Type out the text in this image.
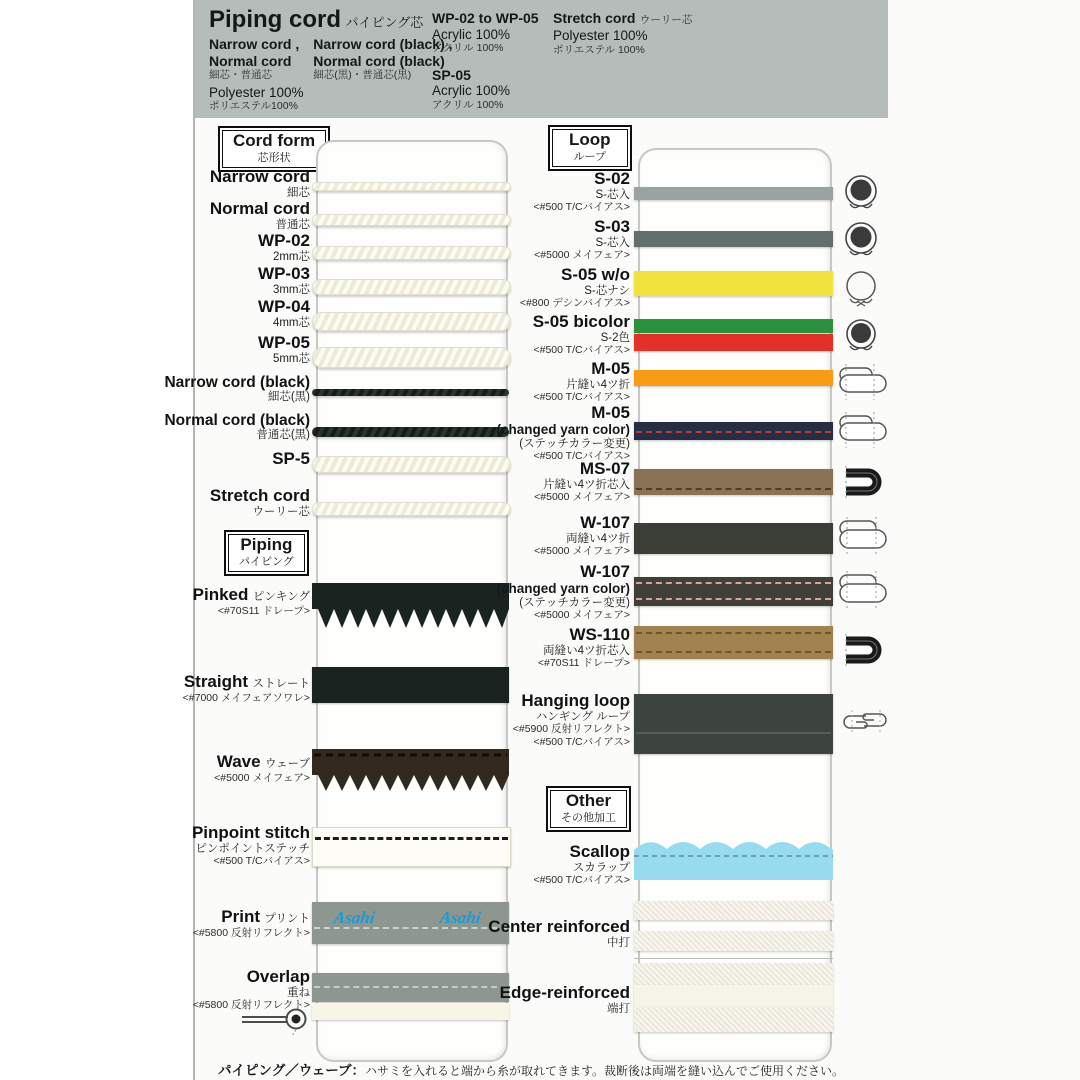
Piping cord パイピング芯
Narrow cord ,
Normal cord
細芯・普通芯
Narrow cord (black) ,
Normal cord (black)
細芯(黒)・普通芯(黒)
Polyester 100%
ポリエステル100%
WP-02 to WP-05
Acrylic 100%
アクリル 100%
SP-05
Acrylic 100%
アクリル 100%
Stretch cord ウーリー芯
Polyester 100%
ポリエステル 100%
Cord form
芯形状
Piping
パイピング
Loop
ループ
Other
その他加工
Narrow cord
細芯
Normal cord
普通芯
WP-02
2mm芯
WP-03
3mm芯
WP-04
4mm芯
WP-05
5mm芯
Narrow cord (black)
細芯(黒)
Normal cord (black)
普通芯(黒)
SP-5
Stretch cord
ウーリー芯
Pinked ピンキング
<#70S11 ドレープ>
Straight ストレート
<#7000 メイフェアソワレ>
Wave ウェーブ
<#5000 メイフェア>
Pinpoint stitch
ピンポイントステッチ
<#500 T/Cバイアス>
Print プリント
<#5800 反射リフレクト>
Overlap
重ね
<#5800 反射リフレクト>
Asahi	Asahi
S-02
S-芯入
<#500 T/Cバイアス>
S-03
S-芯入
<#5000 メイフェア>
S-05 w/o
S-芯ナシ
<#800 デシンバイアス>
S-05 bicolor
S-2色
<#500 T/Cバイアス>
M-05
片縫い4ツ折
<#500 T/Cバイアス>
M-05
(changed yarn color)
(ステッチカラー変更)
<#500 T/Cバイアス>
MS-07
片縫い4ツ折芯入
<#5000 メイフェア>
W-107
両縫い4ツ折
<#5000 メイフェア>
W-107
(changed yarn color)
(ステッチカラー変更)
<#5000 メイフェア>
WS-110
両縫い4ツ折芯入
<#70S11 ドレープ>
Hanging loop
ハンギング ループ
<#5900 反射リフレクト>
<#500 T/Cバイアス>
Scallop
スカラップ
<#500 T/Cバイアス>
Center reinforced
中打
Edge-reinforced
端打
パイピング／ウェーブ：ハサミを入れると端から糸が取れてきます。裁断後は両端を縫い込んでご使用ください。
